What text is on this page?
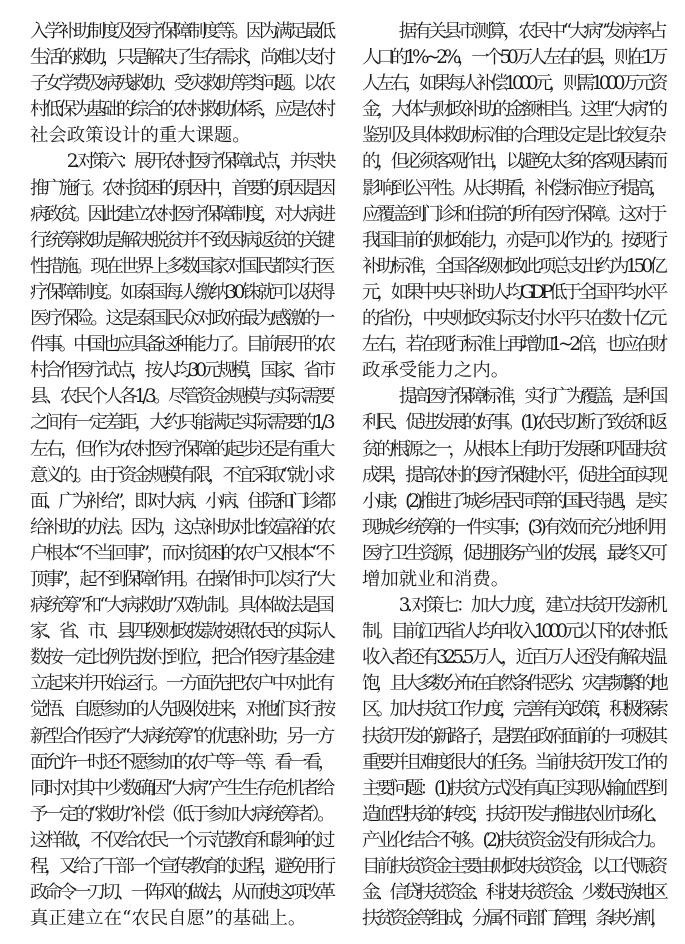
入学补助制度及医疗保障制度等。因为满足最低
生活的救助，只是解决了生存需求，尚难以支付
子女学费及病残救助、受灾救助等类问题。以农
村低保为基础的综合的农村救助体系，应是农村
社会政策设计的重大课题。
2. 对策六：展开农村医疗保障试点，并尽快
推广施行。农村贫困的原因中，首要的原因是因
病致贫。因此建立农村医疗保障制度，对大病进
行统筹救助是解决脱贫并不致因病返贫的关键
性措施。现在世界上多数国家对国民都实行医
疗保障制度。如泰国每人缴纳30铢就可以获得
医疗保险。这是泰国民众对政府最为感激的一
件事。中国也应具备这种能力了。目前展开的农
村合作医疗试点，按人均30元规模，国家、省市
县、农民个人各1/3。尽管资金规模与实际需要
之间有一定差距，大约只能满足实际需要的1/3
左右，但作为农村医疗保障的起步还是有重大
意义的。由于资金规模有限，不宜采取“就小求
面、广为补给”，即对大病、小病、住院和门诊都
给补助的办法。因为，这点补助对比较富裕的农
户根本“不当回事”，而对贫困的农户又根本“不
顶事”，起不到保障作用。在操作时可以实行“大
病统筹”和“大病救助”双轨制。具体做法是国
家、省、市、县四级财政拨款按照农民的实际人
数按一定比例先拨付到位，把合作医疗基金建
立起来并开始运行。一方面先把农户中对此有
觉悟、自愿参加的人先吸收进来，对他们实行按
新型合作医疗“大病统筹”的优惠补助；另一方
面允许一时还不愿参加的农户等一等、看一看，
同时对其中少数确因“大病”产生生存危机者给
予一定的“救助”补偿（低于参加大病统筹者）。
这样做，不仅给农民一个示范教育和影响的过
程，又给了干部一个宣传教育的过程，避免用行
政命令一刀切、一阵风的做法，从而使这项改革
真正建立在“农民自愿”的基础上。
据有关县市测算，农民中“大病”发病率占
人口的1%~2%，一个50万人左右的县，则在1万
人左右，如果每人补偿1000元，则需1000万元资
金，大体与财政补助的金额相当。这里“大病”的
鉴别及具体救助标准的合理设定是比较复杂
的，但必须客观作出，以避免太多的客观因素而
影响到公平性。从长期看，补偿标准应予提高，
应覆盖到门诊和住院的所有医疗保障。这对于
我国目前的财政能力，亦是可以作为的。按现行
补助标准，全国各级财政此项总支出约为150亿
元，如果中央只补助人均GDP低于全国平均水平
的省份，中央财政实际支付水平只在数十亿元
左右，若在现行标准上再增加1~2倍，也应在财
政承受能力之内。
提高医疗保障标准，实行广为覆盖，是利国
利民、促进发展的好事。(1)农民切断了致贫和返
贫的根源之一，从根本上有助于发展和巩固扶贫
成果，提高农村的医疗保健水平，促进全面实现
小康；(2)推进了城乡居民同等的国民待遇，是实
现城乡统筹的一件实事；(3)有效而充分地利用
医疗卫生资源，促进服务产业的发展，最终又可
增加就业和消费。
3. 对策七：加大力度，建立扶贫开发新机
制。目前江西省人均年收入1000元以下的农村低
收入者还有325.5万人，近百万人还没有解决温
饱，且大多数分布在自然条件恶劣、灾害频繁的地
区。加大扶贫工作力度，完善有关政策，积极探索
扶贫开发的新路子，是摆在政府面前的一项极其
重要并且难度很大的任务。当前扶贫开发工作的
主要问题：(1)扶贫方式没有真正实现从输血型到
造血型扶贫的转变，扶贫开发与推进农业市场化、
产业化结合不够。(2)扶贫资金没有形成合力。
目前扶贫资金主要由财政扶贫资金，以工代赈资
金、信贷扶贫资金、科技扶贫资金、少数民族地区
扶贫资金等组成，分属不同部门管理，条块分割，
